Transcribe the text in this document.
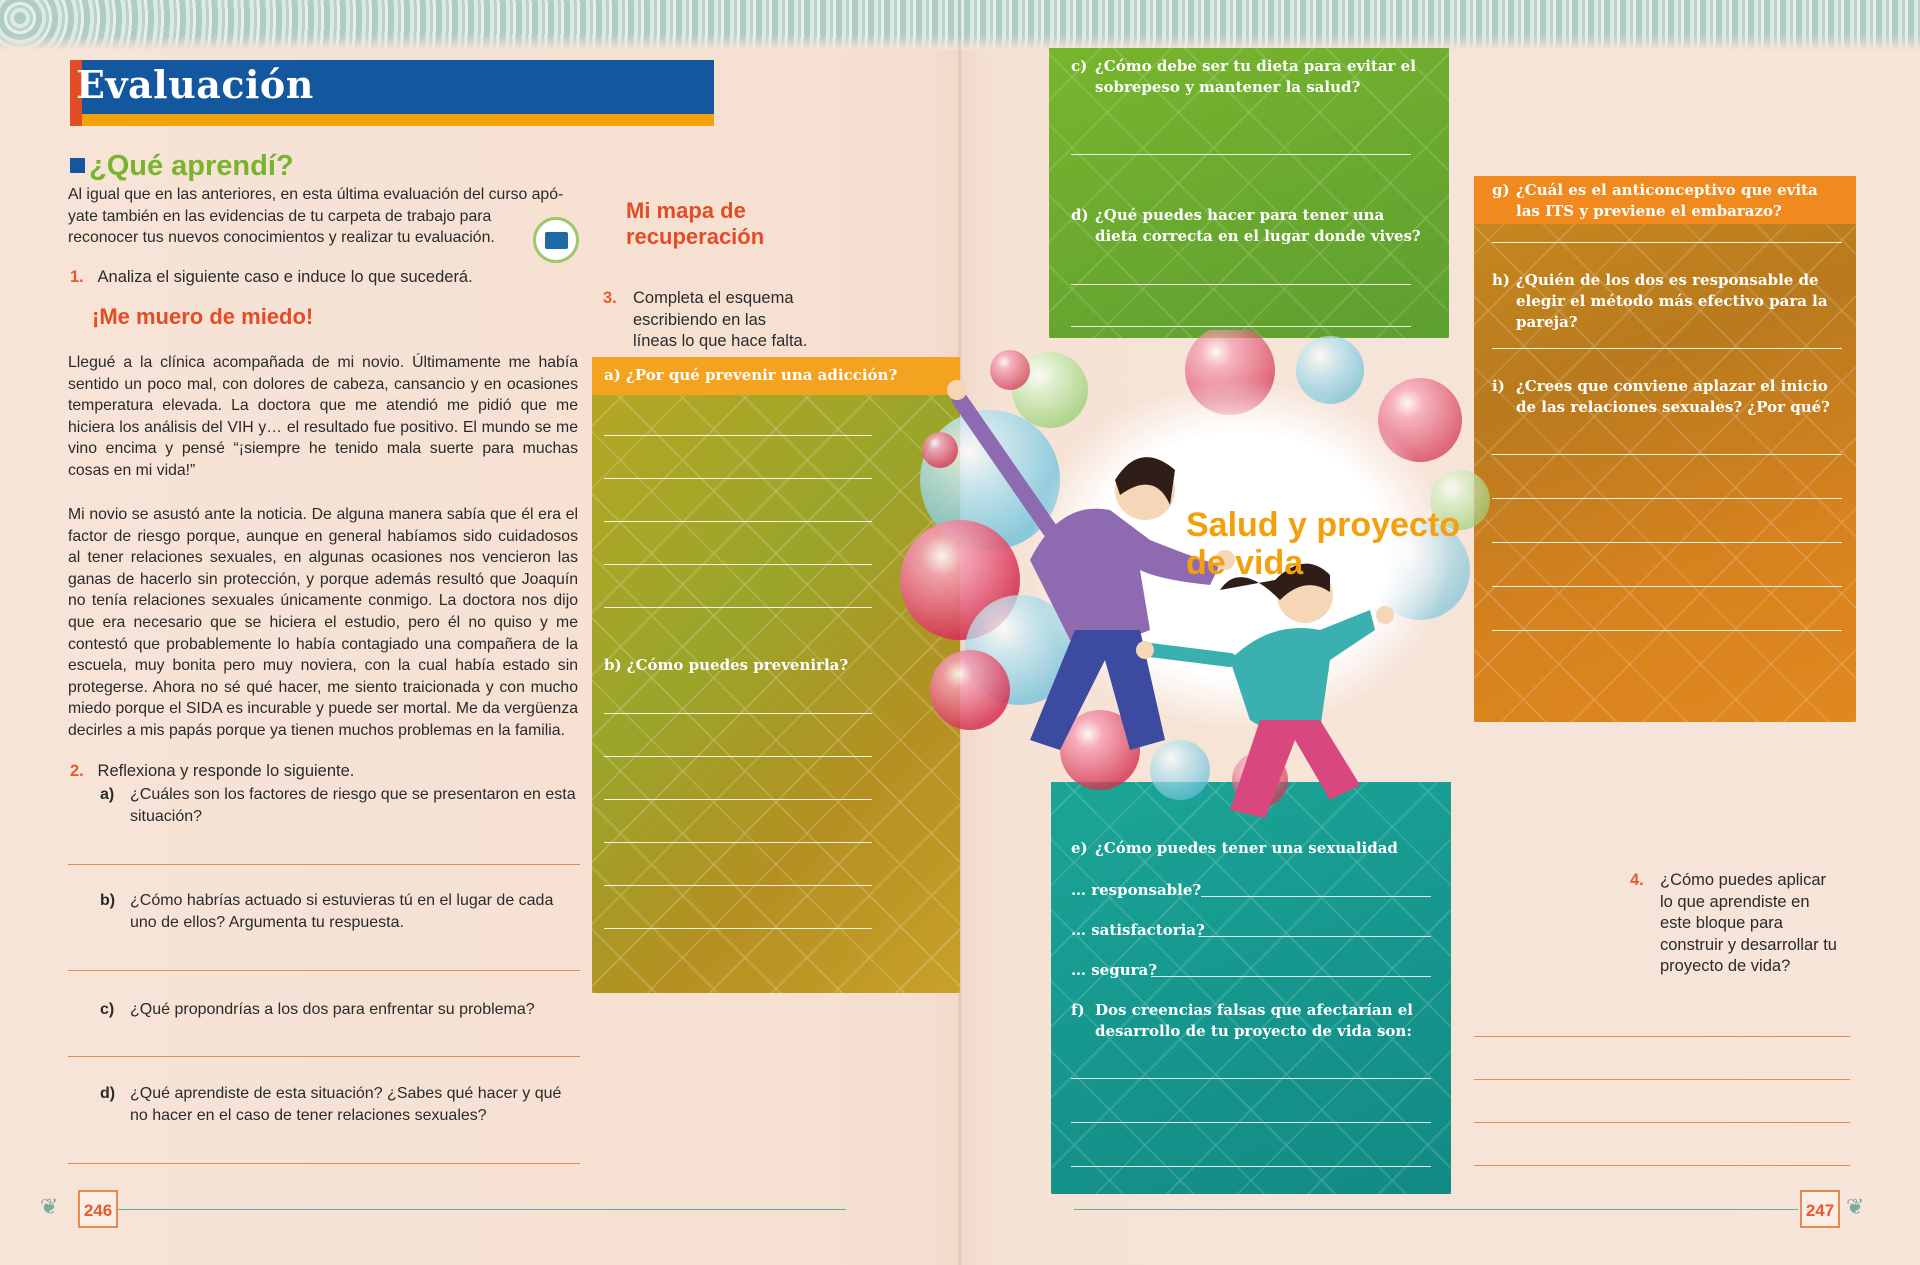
Evaluación
¿Qué aprendí?
Al igual que en las anteriores, en esta última evaluación del curso apó-
yate también en las evidencias de tu carpeta de trabajo para
reconocer tus nuevos conocimientos y realizar tu evaluación.
1. Analiza el siguiente caso e induce lo que sucederá.
¡Me muero de miedo!
Llegué a la clínica acompañada de mi novio. Últimamente me había sentido un poco mal, con dolores de cabeza, cansancio y en ocasiones temperatura elevada. La doctora que me atendió me pidió que me hiciera los análisis del VIH y… el resultado fue positivo. El mundo se me vino encima y pensé “¡siempre he tenido mala suerte para muchas cosas en mi vida!”
Mi novio se asustó ante la noticia. De alguna manera sabía que él era el factor de riesgo porque, aunque en general habíamos sido cuidadosos al tener relaciones sexuales, en algunas ocasiones nos vencieron las ganas de hacerlo sin protección, y porque además resultó que Joaquín no tenía relaciones sexuales únicamente conmigo. La doctora nos dijo que era necesario que se hiciera el estudio, pero él no quiso y me contestó que probablemente lo había contagiado una compañera de la escuela, muy bonita pero muy noviera, con la cual había estado sin protegerse. Ahora no sé qué hacer, me siento traicionada y con mucho miedo porque el SIDA es incurable y puede ser mortal. Me da vergüenza decirles a mis papás porque ya tienen muchos problemas en la familia.
2. Reflexiona y responde lo siguiente.
a) ¿Cuáles son los factores de riesgo que se presentaron en esta situación?
b) ¿Cómo habrías actuado si estuvieras tú en el lugar de cada uno de ellos? Argumenta tu respuesta.
c) ¿Qué propondrías a los dos para enfrentar su problema?
d) ¿Qué aprendiste de esta situación? ¿Sabes qué hacer y qué no hacer en el caso de tener relaciones sexuales?
Mi mapa de
recuperación
3. Completa el esquema escribiendo en las líneas lo que hace falta.
a) ¿Por qué prevenir una adicción?
b) ¿Cómo puedes prevenirla?
246
❦
c) ¿Cómo debe ser tu dieta para evitar el sobrepeso y mantener la salud?
d) ¿Qué puedes hacer para tener una dieta correcta en el lugar donde vives?
g) ¿Cuál es el anticonceptivo que evita las ITS y previene el embarazo?
h) ¿Quién de los dos es responsable de elegir el método más efectivo para la pareja?
i) ¿Crees que conviene aplazar el inicio de las relaciones sexuales? ¿Por qué?
e) ¿Cómo puedes tener una sexualidad
… responsable?
… satisfactoria?
… segura?
f) Dos creencias falsas que afectarían el desarrollo de tu proyecto de vida son:
Salud y proyecto
de vida
4. ¿Cómo puedes aplicar lo que aprendiste en este bloque para construir y desarrollar tu proyecto de vida?
247 ❦
